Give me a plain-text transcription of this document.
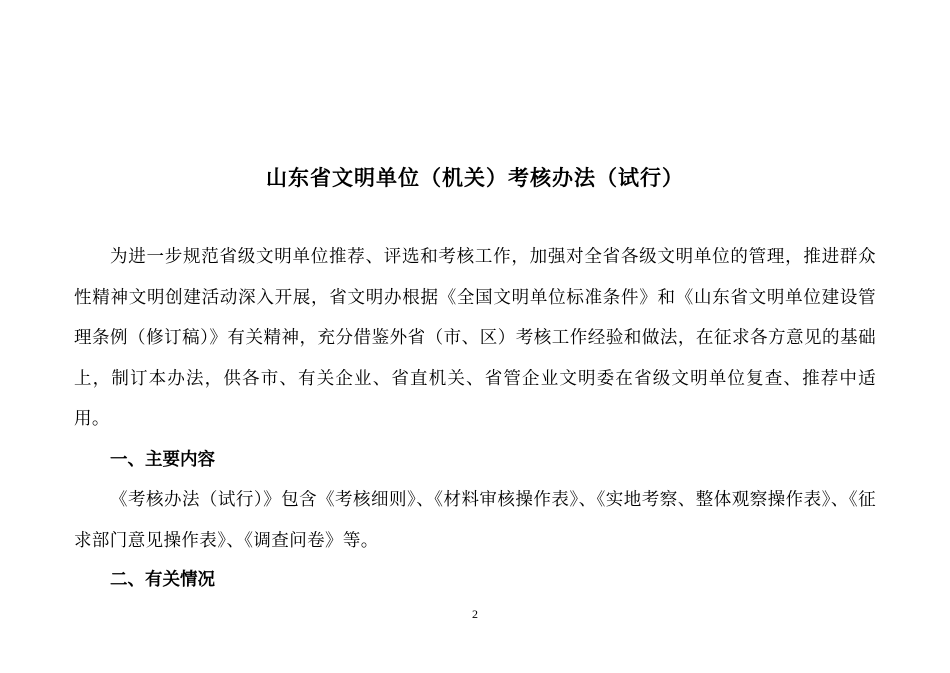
山东省文明单位（机关）考核办法（试行）
为进一步规范省级文明单位推荐、评选和考核工作，加强对全省各级文明单位的管理，推进群众性精神文明创建活动深入开展，省文明办根据《全国文明单位标准条件》和《山东省文明单位建设管理条例（修订稿）》有关精神，充分借鉴外省（市、区）考核工作经验和做法，在征求各方意见的基础上，制订本办法，供各市、有关企业、省直机关、省管企业文明委在省级文明单位复查、推荐中适用。
一、主要内容
《考核办法（试行）》包含《考核细则》、《材料审核操作表》、《实地考察、整体观察操作表》、《征求部门意见操作表》、《调查问卷》等。
二、有关情况
2
